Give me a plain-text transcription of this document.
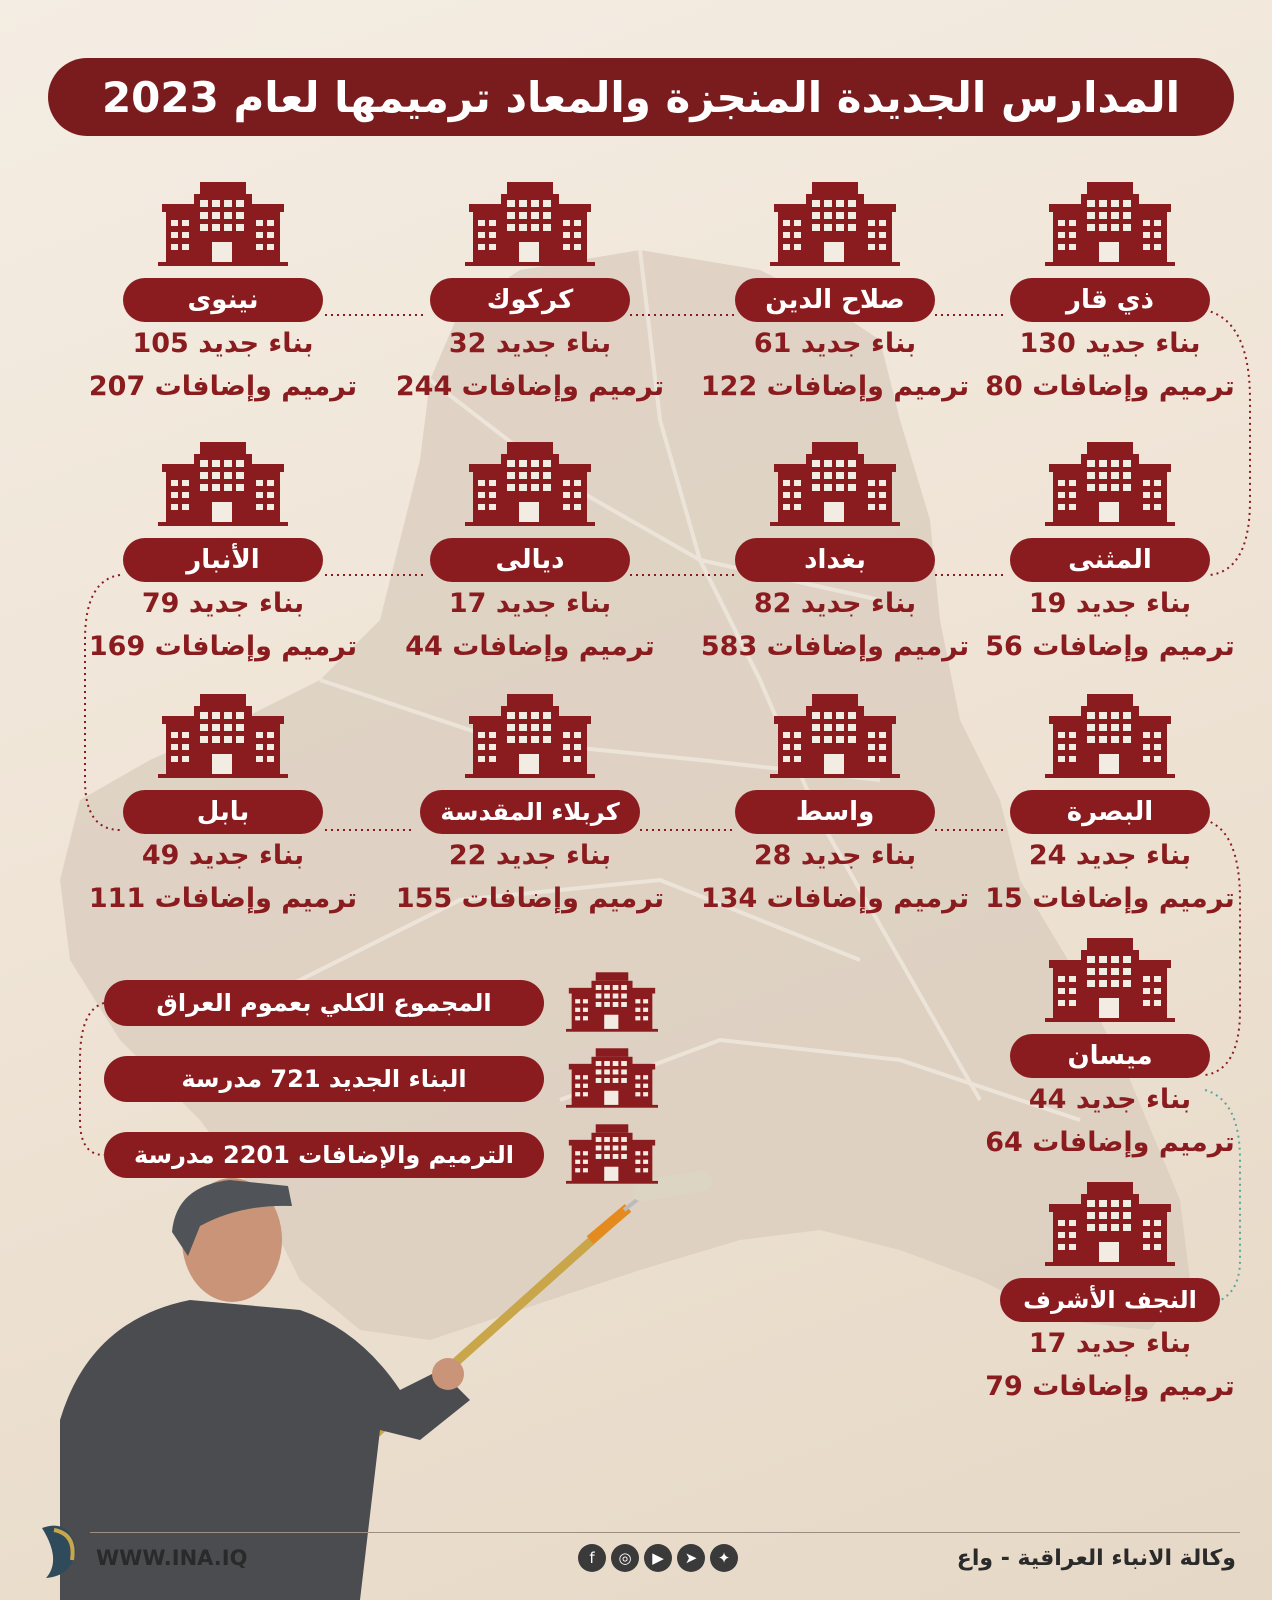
المدارس الجديدة المنجزة والمعاد ترميمها لعام 2023
ذي قار
بناء جديد 130
ترميم وإضافات 80
صلاح الدين
بناء جديد 61
ترميم وإضافات 122
كركوك
بناء جديد 32
ترميم وإضافات 244
نينوى
بناء جديد 105
ترميم وإضافات 207
المثنى
بناء جديد 19
ترميم وإضافات 56
بغداد
بناء جديد 82
ترميم وإضافات 583
ديالى
بناء جديد 17
ترميم وإضافات 44
الأنبار
بناء جديد 79
ترميم وإضافات 169
البصرة
بناء جديد 24
ترميم وإضافات 15
واسط
بناء جديد 28
ترميم وإضافات 134
كربلاء المقدسة
بناء جديد 22
ترميم وإضافات 155
بابل
بناء جديد 49
ترميم وإضافات 111
ميسان
بناء جديد 44
ترميم وإضافات 64
النجف الأشرف
بناء جديد 17
ترميم وإضافات 79
المجموع الكلي بعموم العراق
البناء الجديد 721 مدرسة
الترميم والإضافات 2201 مدرسة
WWW.INA.IQ	f	◎	▶	➤	✦	وكالة الانباء العراقية - واع
